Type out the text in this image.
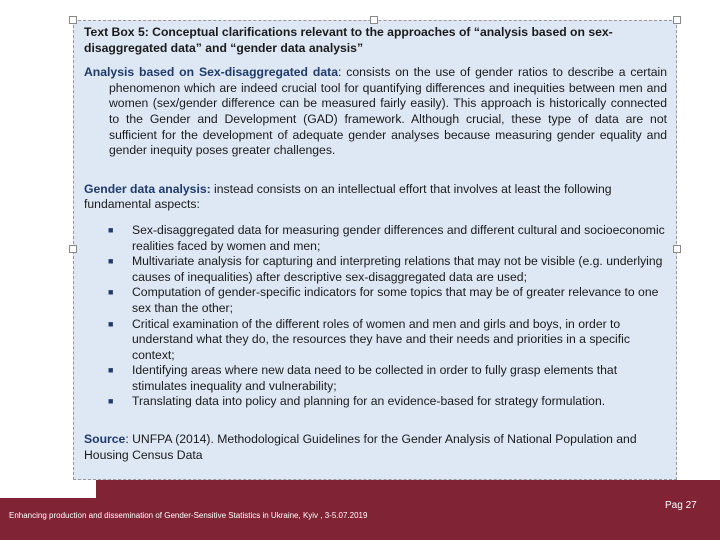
Text Box 5: Conceptual clarifications relevant to the approaches of “analysis based on sex-disaggregated data” and “gender data analysis”
Analysis based on Sex-disaggregated data: consists on the use of gender ratios to describe a certain phenomenon which are indeed crucial tool for quantifying differences and inequities between men and women (sex/gender difference can be measured fairly easily). This approach is historically connected to the Gender and Development (GAD) framework. Although crucial, these type of data are not sufficient for the development of adequate gender analyses because measuring gender equality and gender inequity poses greater challenges.
Gender data analysis: instead consists on an intellectual effort that involves at least the following fundamental aspects:
■ Sex-disaggregated data for measuring gender differences and different cultural and socioeconomic realities faced by women and men;
■ Multivariate analysis for capturing and interpreting relations that may not be visible (e.g. underlying causes of inequalities) after descriptive sex-disaggregated data are used;
■ Computation of gender-specific indicators for some topics that may be of greater relevance to one sex than the other;
■ Critical examination of the different roles of women and men and girls and boys, in order to understand what they do, the resources they have and their needs and priorities in a specific context;
■ Identifying areas where new data need to be collected in order to fully grasp elements that stimulates inequality and vulnerability;
■ Translating data into policy and planning for an evidence-based for strategy formulation.
Source: UNFPA (2014). Methodological Guidelines for the Gender Analysis of National Population and Housing Census Data
Enhancing production and dissemination of Gender-Sensitive Statistics in Ukraine, Kyiv , 3-5.07.2019
Pag 27
